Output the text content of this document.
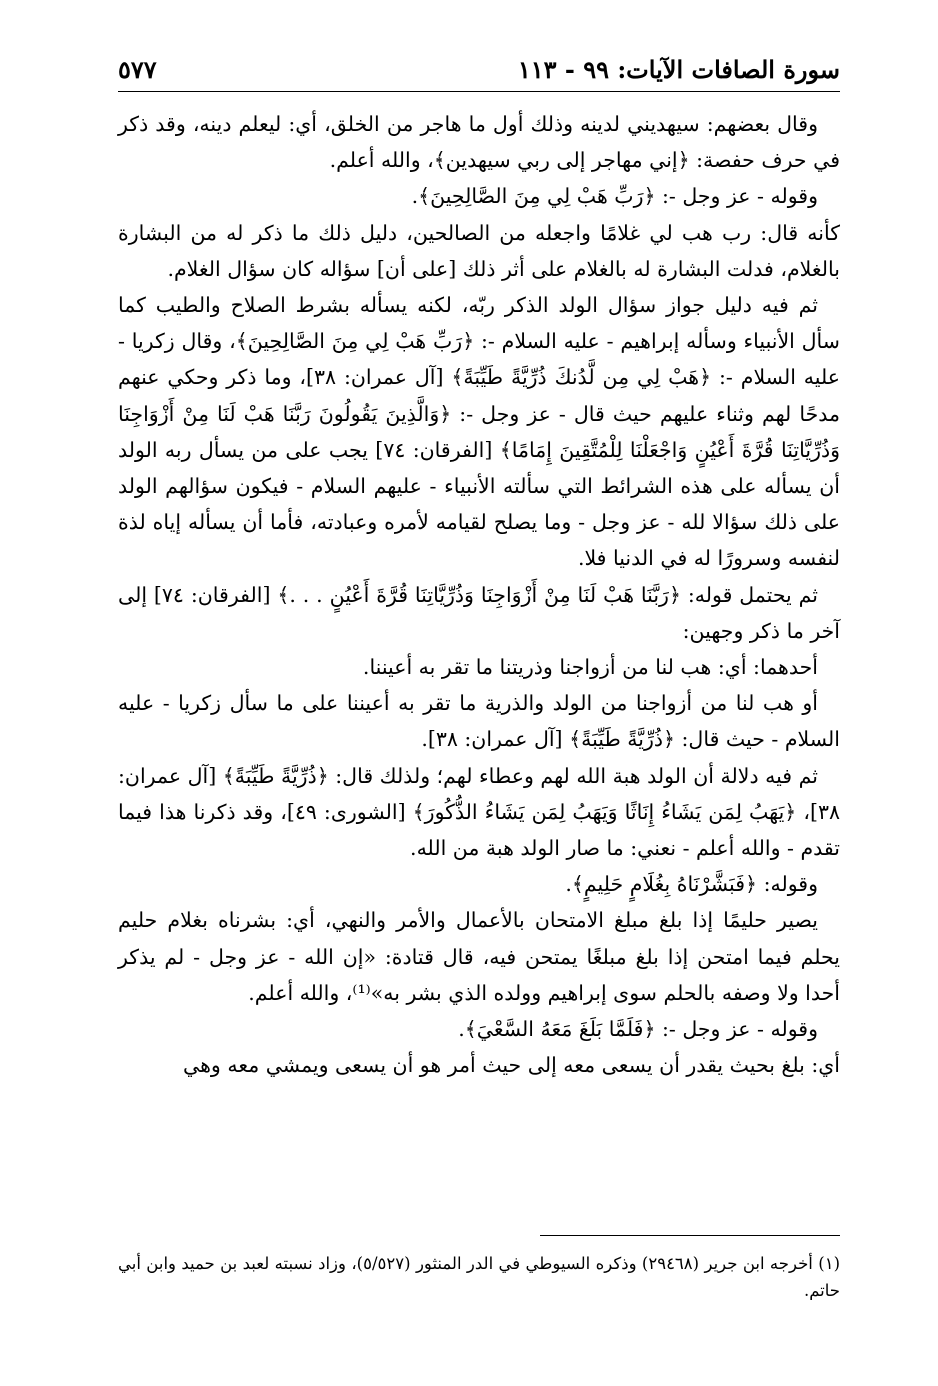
سورة الصافات الآيات: ٩٩ - ١١٣
٥٧٧

وقال بعضهم: سيهديني لدينه وذلك أول ما هاجر من الخلق، أي: ليعلم دينه، وقد ذكر في حرف حفصة: ﴿إني مهاجر إلى ربي سيهدين﴾، والله أعلم.

وقوله - عز وجل -: ﴿رَبِّ هَبْ لِي مِنَ الصَّالِحِينَ﴾.

كأنه قال: رب هب لي غلامًا واجعله من الصالحين، دليل ذلك ما ذكر له من البشارة بالغلام، فدلت البشارة له بالغلام على أثر ذلك [على أن] سؤاله كان سؤال الغلام.

ثم فيه دليل جواز سؤال الولد الذكر ربّه، لكنه يسأله بشرط الصلاح والطيب كما سأل الأنبياء وسأله إبراهيم - عليه السلام -: ﴿رَبِّ هَبْ لِي مِنَ الصَّالِحِينَ﴾، وقال زكريا - عليه السلام -: ﴿هَبْ لِي مِن لَّدُنكَ ذُرِّيَّةً طَيِّبَةً﴾ [آل عمران: ٣٨]، وما ذكر وحكي عنهم مدحًا لهم وثناء عليهم حيث قال - عز وجل -: ﴿وَالَّذِينَ يَقُولُونَ رَبَّنَا هَبْ لَنَا مِنْ أَزْوَاجِنَا وَذُرِّيَّاتِنَا قُرَّةَ أَعْيُنٍ وَاجْعَلْنَا لِلْمُتَّقِينَ إِمَامًا﴾ [الفرقان: ٧٤] يجب على من يسأل ربه الولد أن يسأله على هذه الشرائط التي سألته الأنبياء - عليهم السلام - فيكون سؤالهم الولد على ذلك سؤالا لله - عز وجل - وما يصلح لقيامه لأمره وعبادته، فأما أن يسأله إياه لذة لنفسه وسرورًا له في الدنيا فلا.

ثم يحتمل قوله: ﴿رَبَّنَا هَبْ لَنَا مِنْ أَزْوَاجِنَا وَذُرِّيَّاتِنَا قُرَّةَ أَعْيُنٍ . . .﴾ [الفرقان: ٧٤] إلى آخر ما ذكر وجهين:

أحدهما: أي: هب لنا من أزواجنا وذريتنا ما تقر به أعيننا.

أو هب لنا من أزواجنا من الولد والذرية ما تقر به أعيننا على ما سأل زكريا - عليه السلام - حيث قال: ﴿ذُرِّيَّةً طَيِّبَةً﴾ [آل عمران: ٣٨].

ثم فيه دلالة أن الولد هبة الله لهم وعطاء لهم؛ ولذلك قال: ﴿ذُرِّيَّةً طَيِّبَةً﴾ [آل عمران: ٣٨]، ﴿يَهَبُ لِمَن يَشَاءُ إِنَاثًا وَيَهَبُ لِمَن يَشَاءُ الذُّكُورَ﴾ [الشورى: ٤٩]، وقد ذكرنا هذا فيما تقدم - والله أعلم - نعني: ما صار الولد هبة من الله.

وقوله: ﴿فَبَشَّرْنَاهُ بِغُلَامٍ حَلِيمٍ﴾.

يصير حليمًا إذا بلغ مبلغ الامتحان بالأعمال والأمر والنهي، أي: بشرناه بغلام حليم يحلم فيما امتحن إذا بلغ مبلغًا يمتحن فيه، قال قتادة: «إن الله - عز وجل - لم يذكر أحدا ولا وصفه بالحلم سوى إبراهيم وولده الذي بشر به»⁽¹⁾، والله أعلم.

وقوله - عز وجل -: ﴿فَلَمَّا بَلَغَ مَعَهُ السَّعْيَ﴾.

أي: بلغ بحيث يقدر أن يسعى معه إلى حيث أمر هو أن يسعى ويمشي معه وهي

(١) أخرجه ابن جرير (٢٩٤٦٨) وذكره السيوطي في الدر المنثور (٥/٥٢٧)، وزاد نسبته لعبد بن حميد وابن أبي حاتم.
